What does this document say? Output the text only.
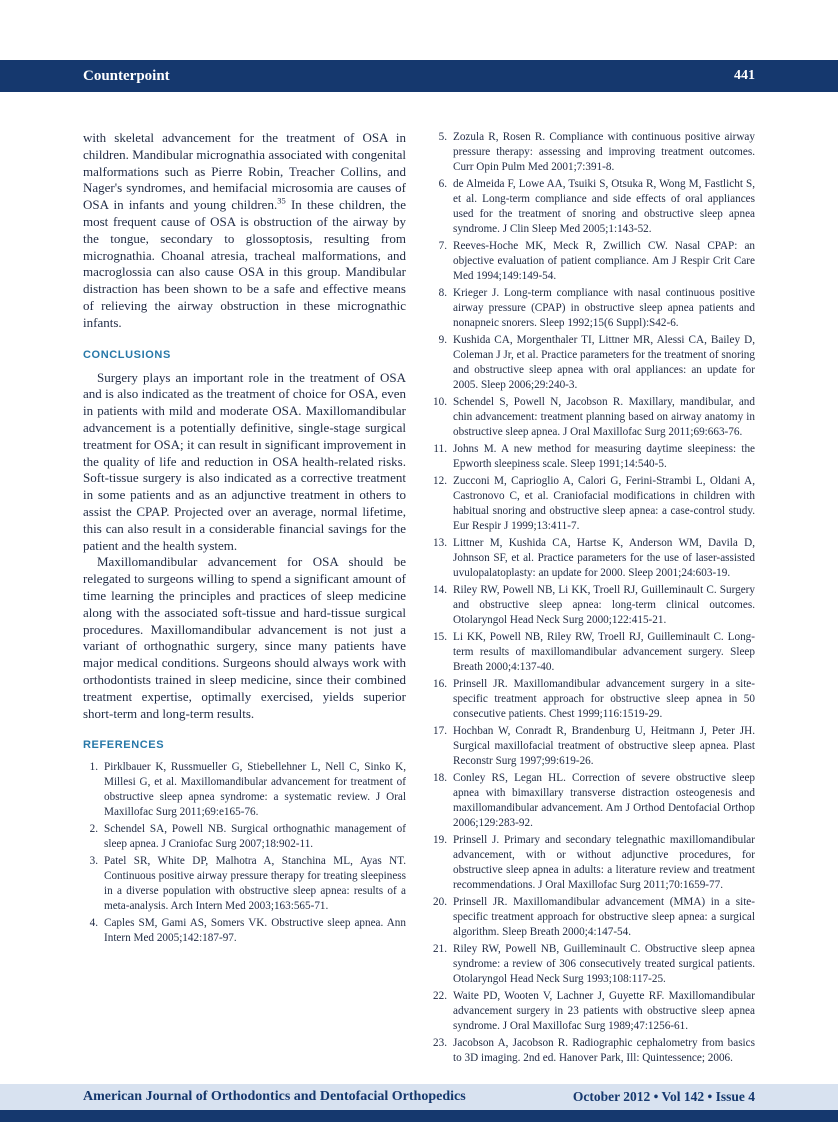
Counterpoint	441

with skeletal advancement for the treatment of OSA in children. Mandibular micrognathia associated with congenital malformations such as Pierre Robin, Treacher Collins, and Nager's syndromes, and hemifacial microsomia are causes of OSA in infants and young children.$^{35}$ In these children, the most frequent cause of OSA is obstruction of the airway by the tongue, secondary to glossoptosis, resulting from micrognathia. Choanal atresia, tracheal malformations, and macroglossia can also cause OSA in this group. Mandibular distraction has been shown to be a safe and effective means of relieving the airway obstruction in these micrognathic infants.

CONCLUSIONS

Surgery plays an important role in the treatment of OSA and is also indicated as the treatment of choice for OSA, even in patients with mild and moderate OSA. Maxillomandibular advancement is a potentially definitive, single-stage surgical treatment for OSA; it can result in significant improvement in the quality of life and reduction in OSA health-related risks. Soft-tissue surgery is also indicated as a corrective treatment in some patients and as an adjunctive treatment in others to assist the CPAP. Projected over an average, normal lifetime, this can also result in a considerable financial savings for the patient and the health system.

Maxillomandibular advancement for OSA should be relegated to surgeons willing to spend a significant amount of time learning the principles and practices of sleep medicine along with the associated soft-tissue and hard-tissue surgical procedures. Maxillomandibular advancement is not just a variant of orthognathic surgery, since many patients have major medical conditions. Surgeons should always work with orthodontists trained in sleep medicine, since their combined treatment expertise, optimally exercised, yields superior short-term and long-term results.

REFERENCES
1. Pirklbauer K, Russmueller G, Stiebellehner L, Nell C, Sinko K, Millesi G, et al. Maxillomandibular advancement for treatment of obstructive sleep apnea syndrome: a systematic review. J Oral Maxillofac Surg 2011;69:e165-76.
2. Schendel SA, Powell NB. Surgical orthognathic management of sleep apnea. J Craniofac Surg 2007;18:902-11.
3. Patel SR, White DP, Malhotra A, Stanchina ML, Ayas NT. Continuous positive airway pressure therapy for treating sleepiness in a diverse population with obstructive sleep apnea: results of a meta-analysis. Arch Intern Med 2003;163:565-71.
4. Caples SM, Gami AS, Somers VK. Obstructive sleep apnea. Ann Intern Med 2005;142:187-97.
5. Zozula R, Rosen R. Compliance with continuous positive airway pressure therapy: assessing and improving treatment outcomes. Curr Opin Pulm Med 2001;7:391-8.
6. de Almeida F, Lowe AA, Tsuiki S, Otsuka R, Wong M, Fastlicht S, et al. Long-term compliance and side effects of oral appliances used for the treatment of snoring and obstructive sleep apnea syndrome. J Clin Sleep Med 2005;1:143-52.
7. Reeves-Hoche MK, Meck R, Zwillich CW. Nasal CPAP: an objective evaluation of patient compliance. Am J Respir Crit Care Med 1994;149:149-54.
8. Krieger J. Long-term compliance with nasal continuous positive airway pressure (CPAP) in obstructive sleep apnea patients and nonapneic snorers. Sleep 1992;15(6 Suppl):S42-6.
9. Kushida CA, Morgenthaler TI, Littner MR, Alessi CA, Bailey D, Coleman J Jr, et al. Practice parameters for the treatment of snoring and obstructive sleep apnea with oral appliances: an update for 2005. Sleep 2006;29:240-3.
10. Schendel S, Powell N, Jacobson R. Maxillary, mandibular, and chin advancement: treatment planning based on airway anatomy in obstructive sleep apnea. J Oral Maxillofac Surg 2011;69:663-76.
11. Johns M. A new method for measuring daytime sleepiness: the Epworth sleepiness scale. Sleep 1991;14:540-5.
12. Zucconi M, Caprioglio A, Calori G, Ferini-Strambi L, Oldani A, Castronovo C, et al. Craniofacial modifications in children with habitual snoring and obstructive sleep apnea: a case-control study. Eur Respir J 1999;13:411-7.
13. Littner M, Kushida CA, Hartse K, Anderson WM, Davila D, Johnson SF, et al. Practice parameters for the use of laser-assisted uvulopalatoplasty: an update for 2000. Sleep 2001;24:603-19.
14. Riley RW, Powell NB, Li KK, Troell RJ, Guilleminault C. Surgery and obstructive sleep apnea: long-term clinical outcomes. Otolaryngol Head Neck Surg 2000;122:415-21.
15. Li KK, Powell NB, Riley RW, Troell RJ, Guilleminault C. Long-term results of maxillomandibular advancement surgery. Sleep Breath 2000;4:137-40.
16. Prinsell JR. Maxillomandibular advancement surgery in a site-specific treatment approach for obstructive sleep apnea in 50 consecutive patients. Chest 1999;116:1519-29.
17. Hochban W, Conradt R, Brandenburg U, Heitmann J, Peter JH. Surgical maxillofacial treatment of obstructive sleep apnea. Plast Reconstr Surg 1997;99:619-26.
18. Conley RS, Legan HL. Correction of severe obstructive sleep apnea with bimaxillary transverse distraction osteogenesis and maxillomandibular advancement. Am J Orthod Dentofacial Orthop 2006;129:283-92.
19. Prinsell J. Primary and secondary telegnathic maxillomandibular advancement, with or without adjunctive procedures, for obstructive sleep apnea in adults: a literature review and treatment recommendations. J Oral Maxillofac Surg 2011;70:1659-77.
20. Prinsell JR. Maxillomandibular advancement (MMA) in a site-specific treatment approach for obstructive sleep apnea: a surgical algorithm. Sleep Breath 2000;4:147-54.
21. Riley RW, Powell NB, Guilleminault C. Obstructive sleep apnea syndrome: a review of 306 consecutively treated surgical patients. Otolaryngol Head Neck Surg 1993;108:117-25.
22. Waite PD, Wooten V, Lachner J, Guyette RF. Maxillomandibular advancement surgery in 23 patients with obstructive sleep apnea syndrome. J Oral Maxillofac Surg 1989;47:1256-61.
23. Jacobson A, Jacobson R. Radiographic cephalometry from basics to 3D imaging. 2nd ed. Hanover Park, Ill: Quintessence; 2006.
American Journal of Orthodontics and Dentofacial Orthopedics	October 2012 • Vol 142 • Issue 4
